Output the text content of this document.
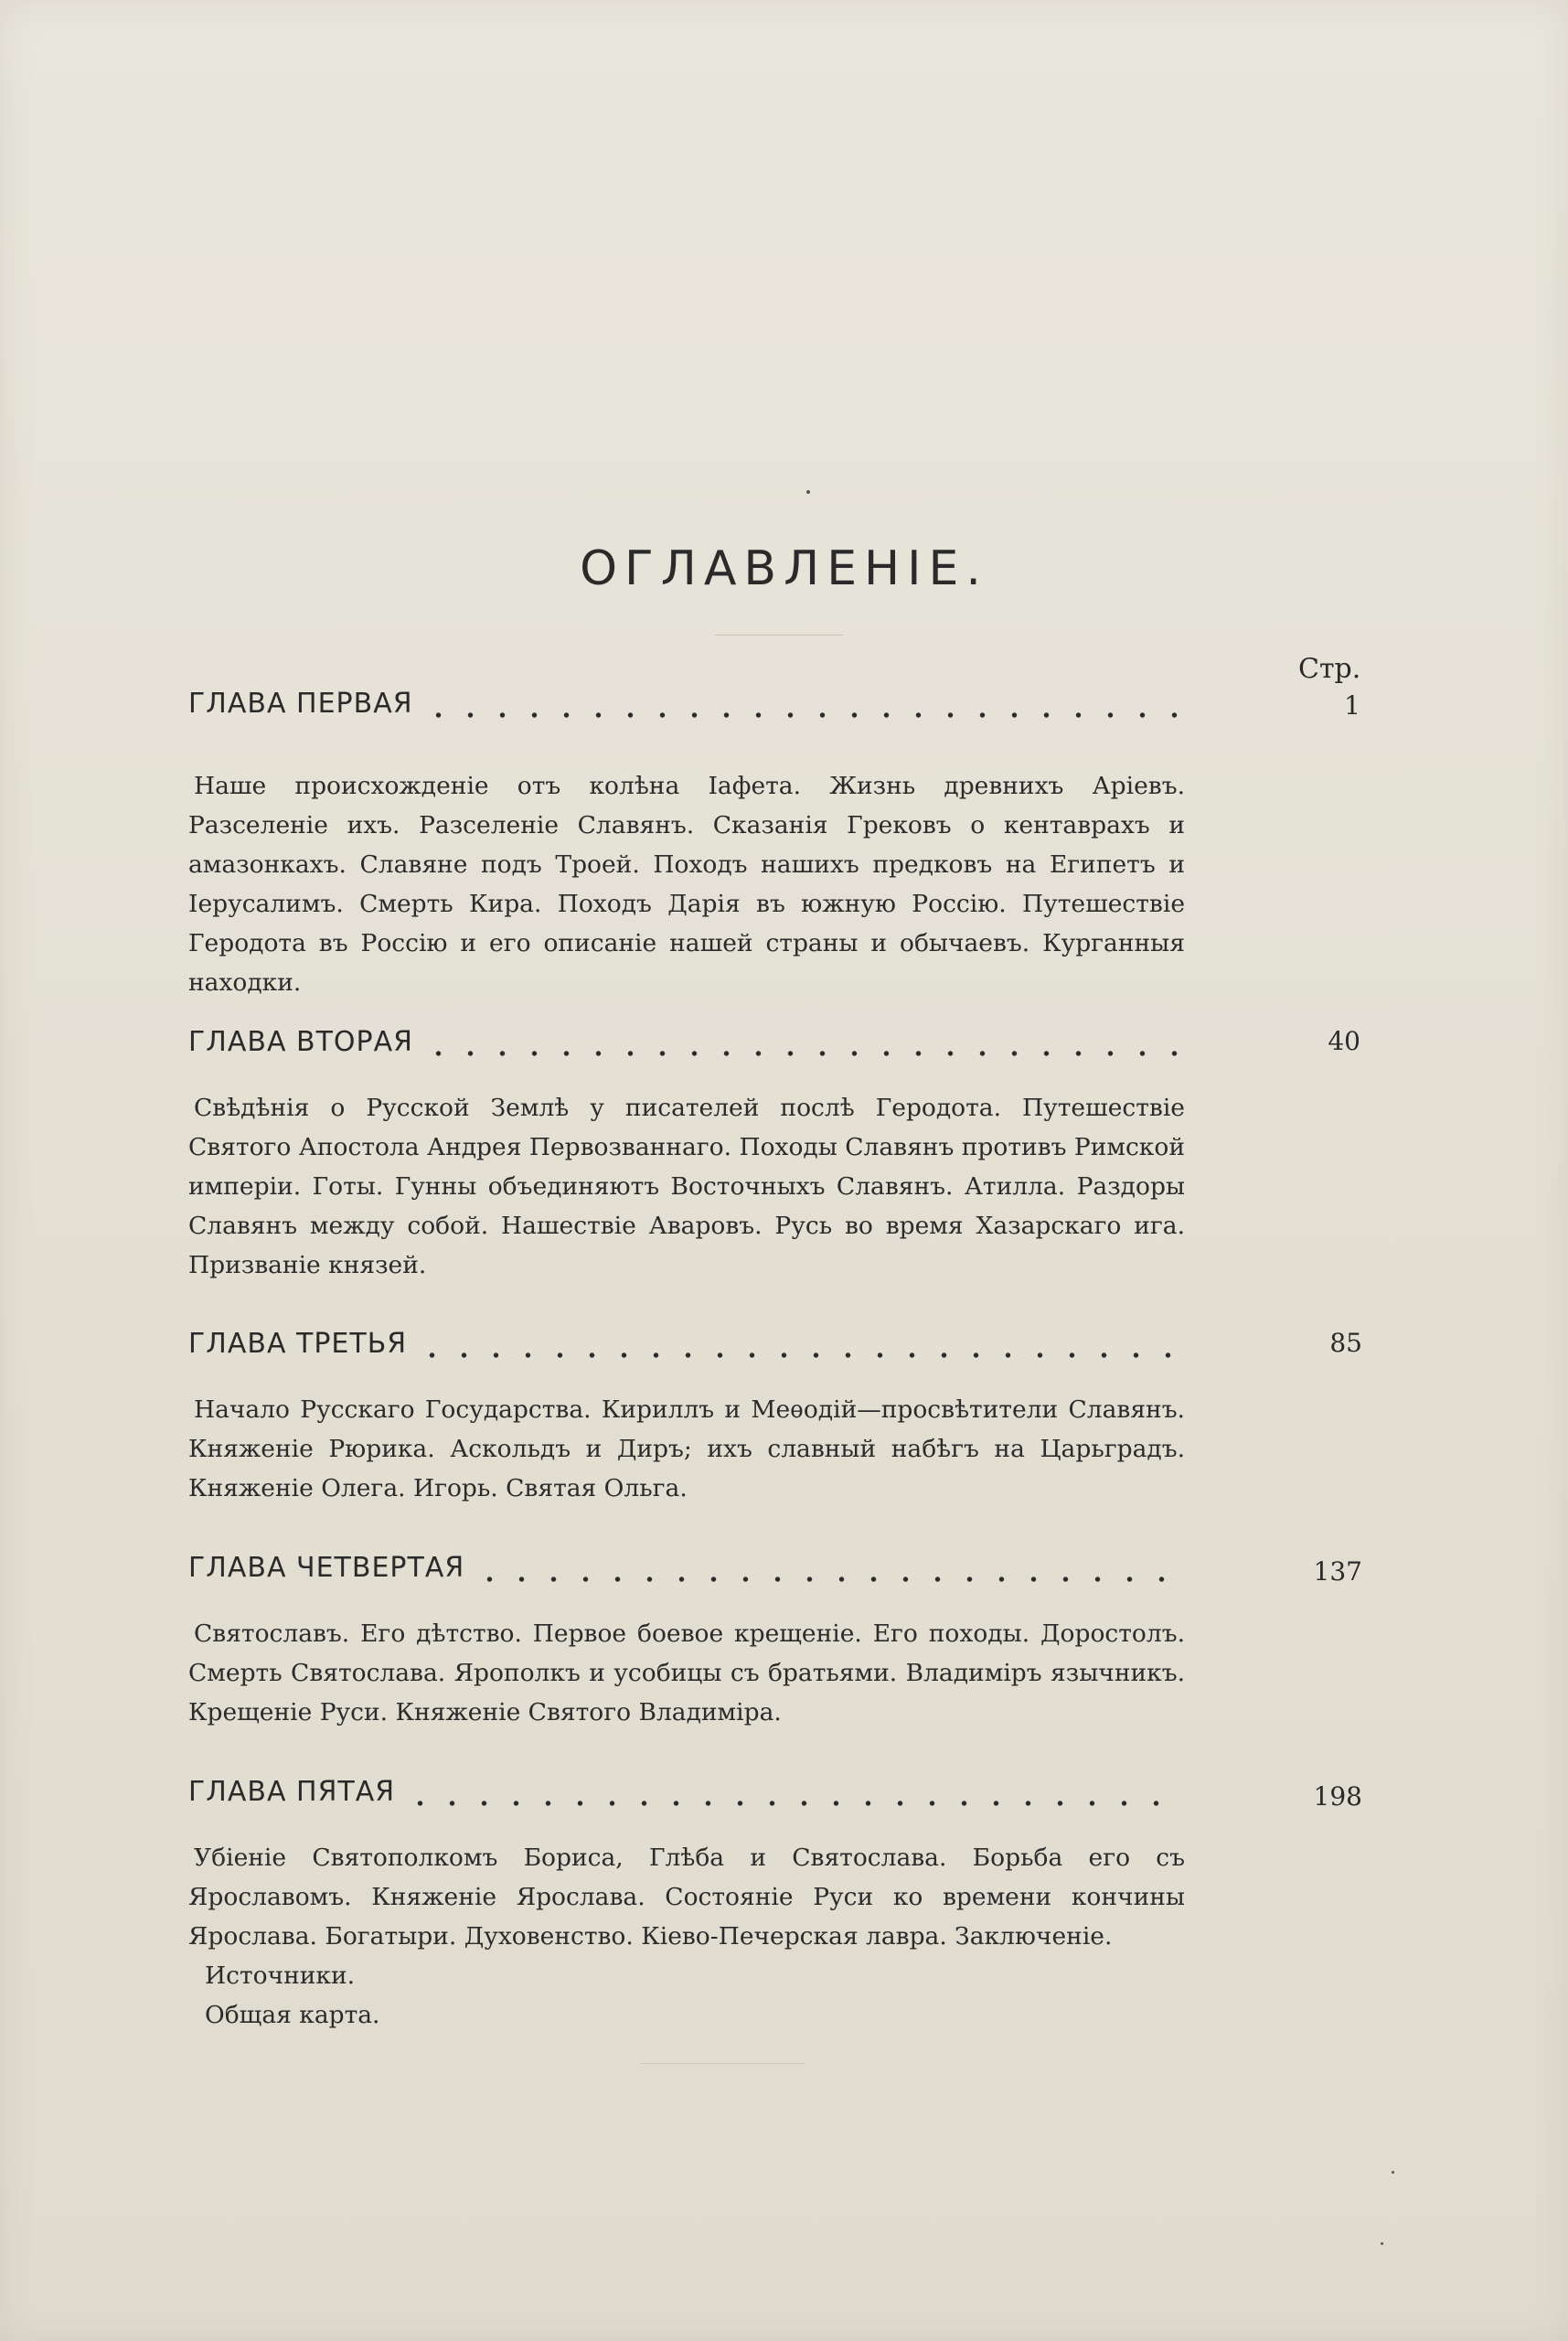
ОГЛАВЛЕНІЕ.
Стр.
ГЛАВА ПЕРВАЯ
Наше происхожденіе отъ колѣна Іафета. Жизнь древнихъ Аріевъ. Разселеніе ихъ. Разселеніе Славянъ. Сказанія Грековъ о кентаврахъ и амазонкахъ. Славяне подъ Троей. Походъ нашихъ предковъ на Египетъ и Іерусалимъ. Смерть Кира. Походъ Дарія въ южную Россію. Путешествіе Геродота въ Россію и его описаніе нашей страны и обычаевъ. Курганныя находки.
1
ГЛАВА ВТОРАЯ
Свѣдѣнія о Русской Землѣ у писателей послѣ Геродота. Путешествіе Святого Апостола Андрея Первозваннаго. Походы Славянъ противъ Римской имперіи. Готы. Гунны объединяютъ Восточныхъ Славянъ. Атилла. Раздоры Славянъ между собой. Нашествіе Аваровъ. Русь во время Хазарскаго ига. Призваніе князей.
40
ГЛАВА ТРЕТЬЯ
Начало Русскаго Государства. Кириллъ и Меѳодій—просвѣтители Славянъ. Княженіе Рюрика. Аскольдъ и Диръ; ихъ славный набѣгъ на Царьградъ. Княженіе Олега. Игорь. Святая Ольга.
85
ГЛАВА ЧЕТВЕРТАЯ
Святославъ. Его дѣтство. Первое боевое крещеніе. Его походы. Доростолъ. Смерть Святослава. Ярополкъ и усобицы съ братьями. Владиміръ язычникъ. Крещеніе Руси. Княженіе Святого Владиміра.
137
ГЛАВА ПЯТАЯ
Убіеніе Святополкомъ Бориса, Глѣба и Святослава. Борьба его съ Ярославомъ. Княженіе Ярослава. Состояніе Руси ко времени кончины Ярослава. Богатыри. Духовенство. Кіево-Печерская лавра. Заключеніе.
Источники.
Общая карта.
198
